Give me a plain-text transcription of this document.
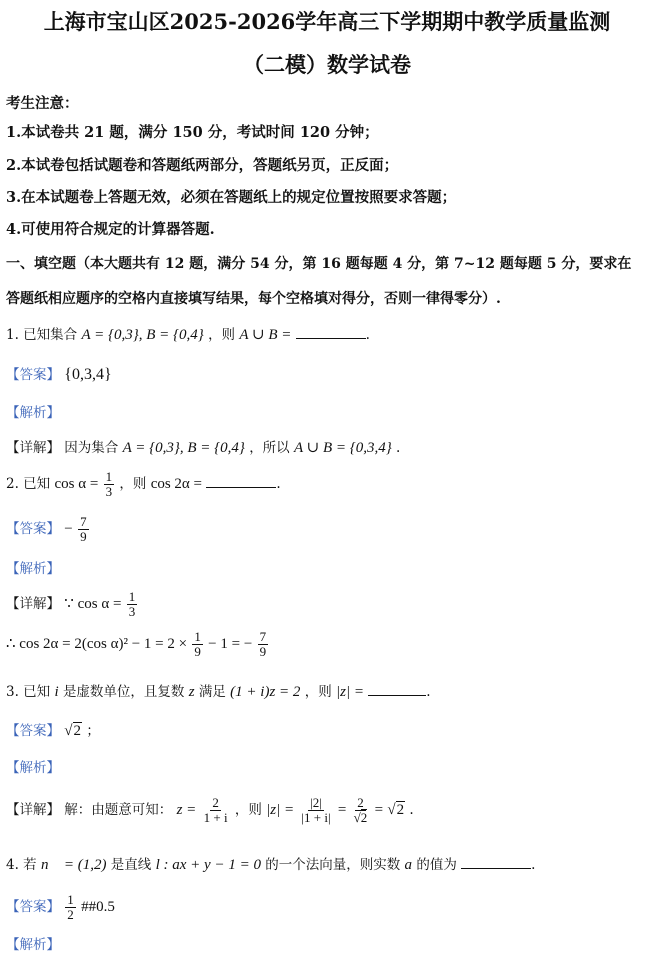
上海市宝山区2025-2026学年高三下学期期中教学质量监测
（二模）数学试卷
考生注意：
1.本试卷共 21 题，满分 150 分，考试时间 120 分钟；
2.本试卷包括试题卷和答题纸两部分，答题纸另页，正反面；
3.在本试题卷上答题无效，必须在答题纸上的规定位置按照要求答题；
4.可使用符合规定的计算器答题.
一、填空题（本大题共有 12 题，满分 54 分，第 16 题每题 4 分，第 7~12 题每题 5 分，要求在
答题纸相应题序的空格内直接填写结果，每个空格填对得分，否则一律得零分）.
1. 已知集合 A = {0,3}, B = {0,4} ，则 A ∪ B =	.
【答案】 {0,3,4}
【解析】
【详解】 因为集合 A = {0,3}, B = {0,4} ，所以 A ∪ B = {0,3,4} .
2. 已知 $\cos \alpha = \frac{1}{3}$ ，则 cos 2α =	.
【答案】 − $\frac{7}{9}$
【解析】
【详解】 ∵ $\cos \alpha = \frac{1}{3}$
∴ cos 2α = 2(cos $\alpha)^2 - 1 = 2 \times \frac{1}{9} - 1$ = − $\frac{7}{9}$
3. 已知 i 是虚数单位，且复数 z 满足 (1 + i)z = 2 ，则 |z| =	.
【答案】 √2 ；
【解析】
【详解】 解：由题意可知： $z = \frac{2}{1 + i}$ ，则 $|z| = \frac{|2|}{|1 + i|} = \frac{2}{√2} = √2$ .
4. 若 n⃗ = (1,2) 是直线 l : ax + y − 1 = 0 的一个法向量，则实数 a 的值为	.
【答案】 $\frac{1}{2}$ ##0.5
【解析】
